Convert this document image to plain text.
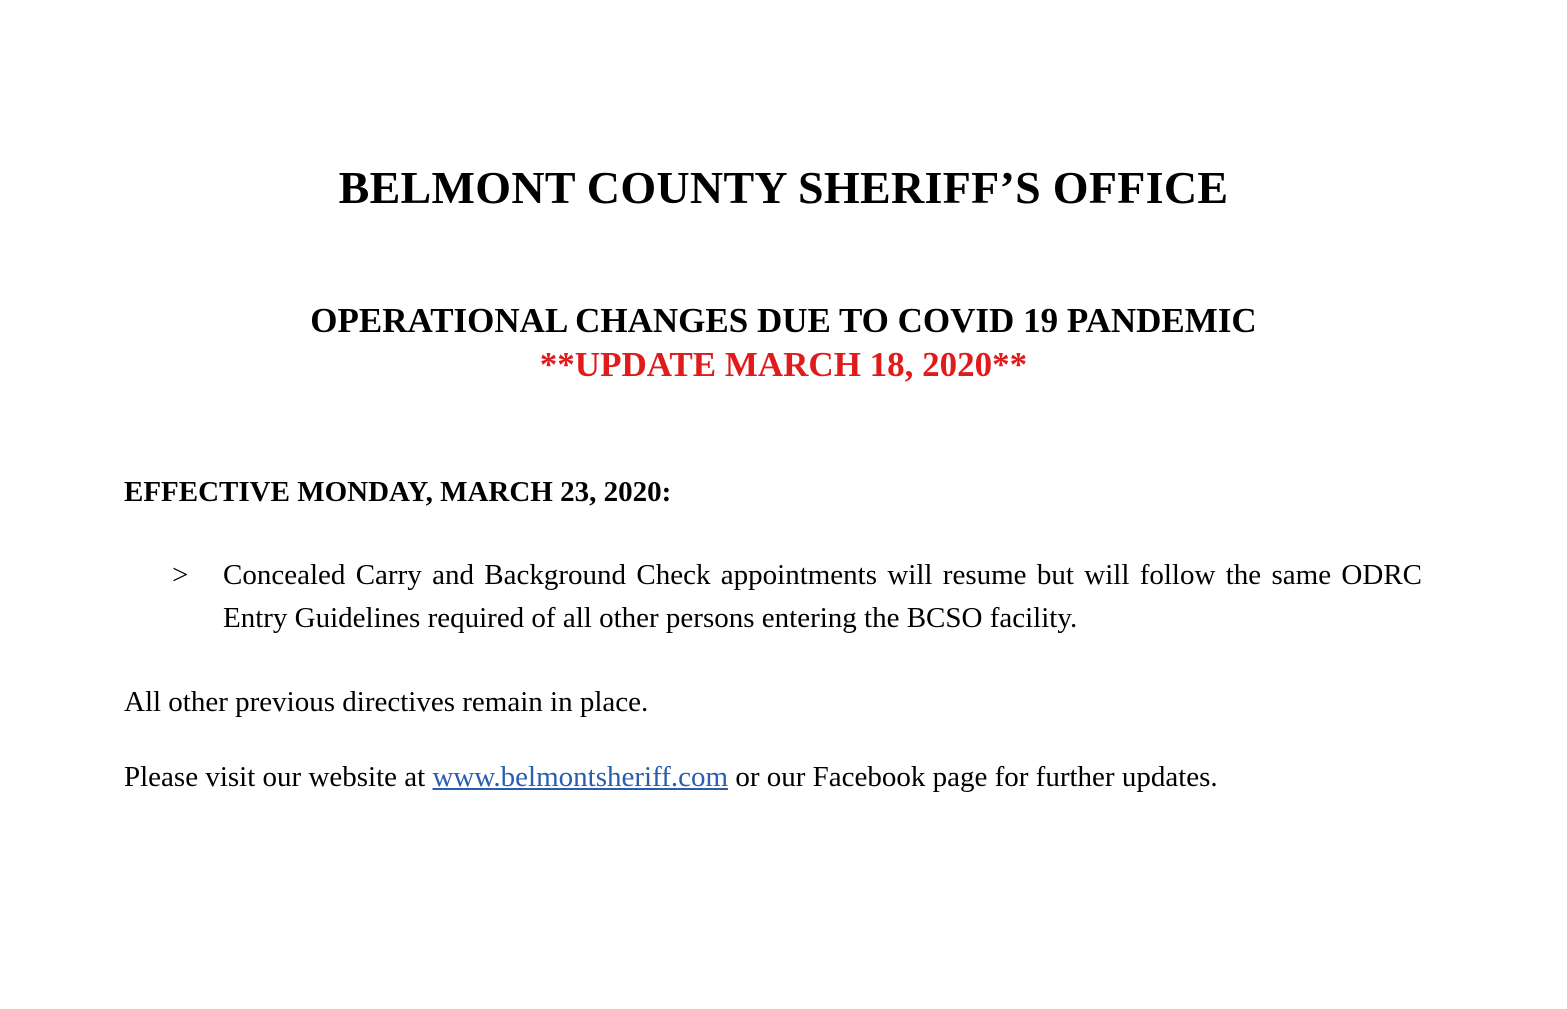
BELMONT COUNTY SHERIFF’S OFFICE
OPERATIONAL CHANGES DUE TO COVID 19 PANDEMIC
**UPDATE MARCH 18, 2020**
EFFECTIVE MONDAY, MARCH 23, 2020:
> Concealed Carry and Background Check appointments will resume but will follow the same ODRC Entry Guidelines required of all other persons entering the BCSO facility.

All other previous directives remain in place.

Please visit our website at www.belmontsheriff.com or our Facebook page for further updates.
